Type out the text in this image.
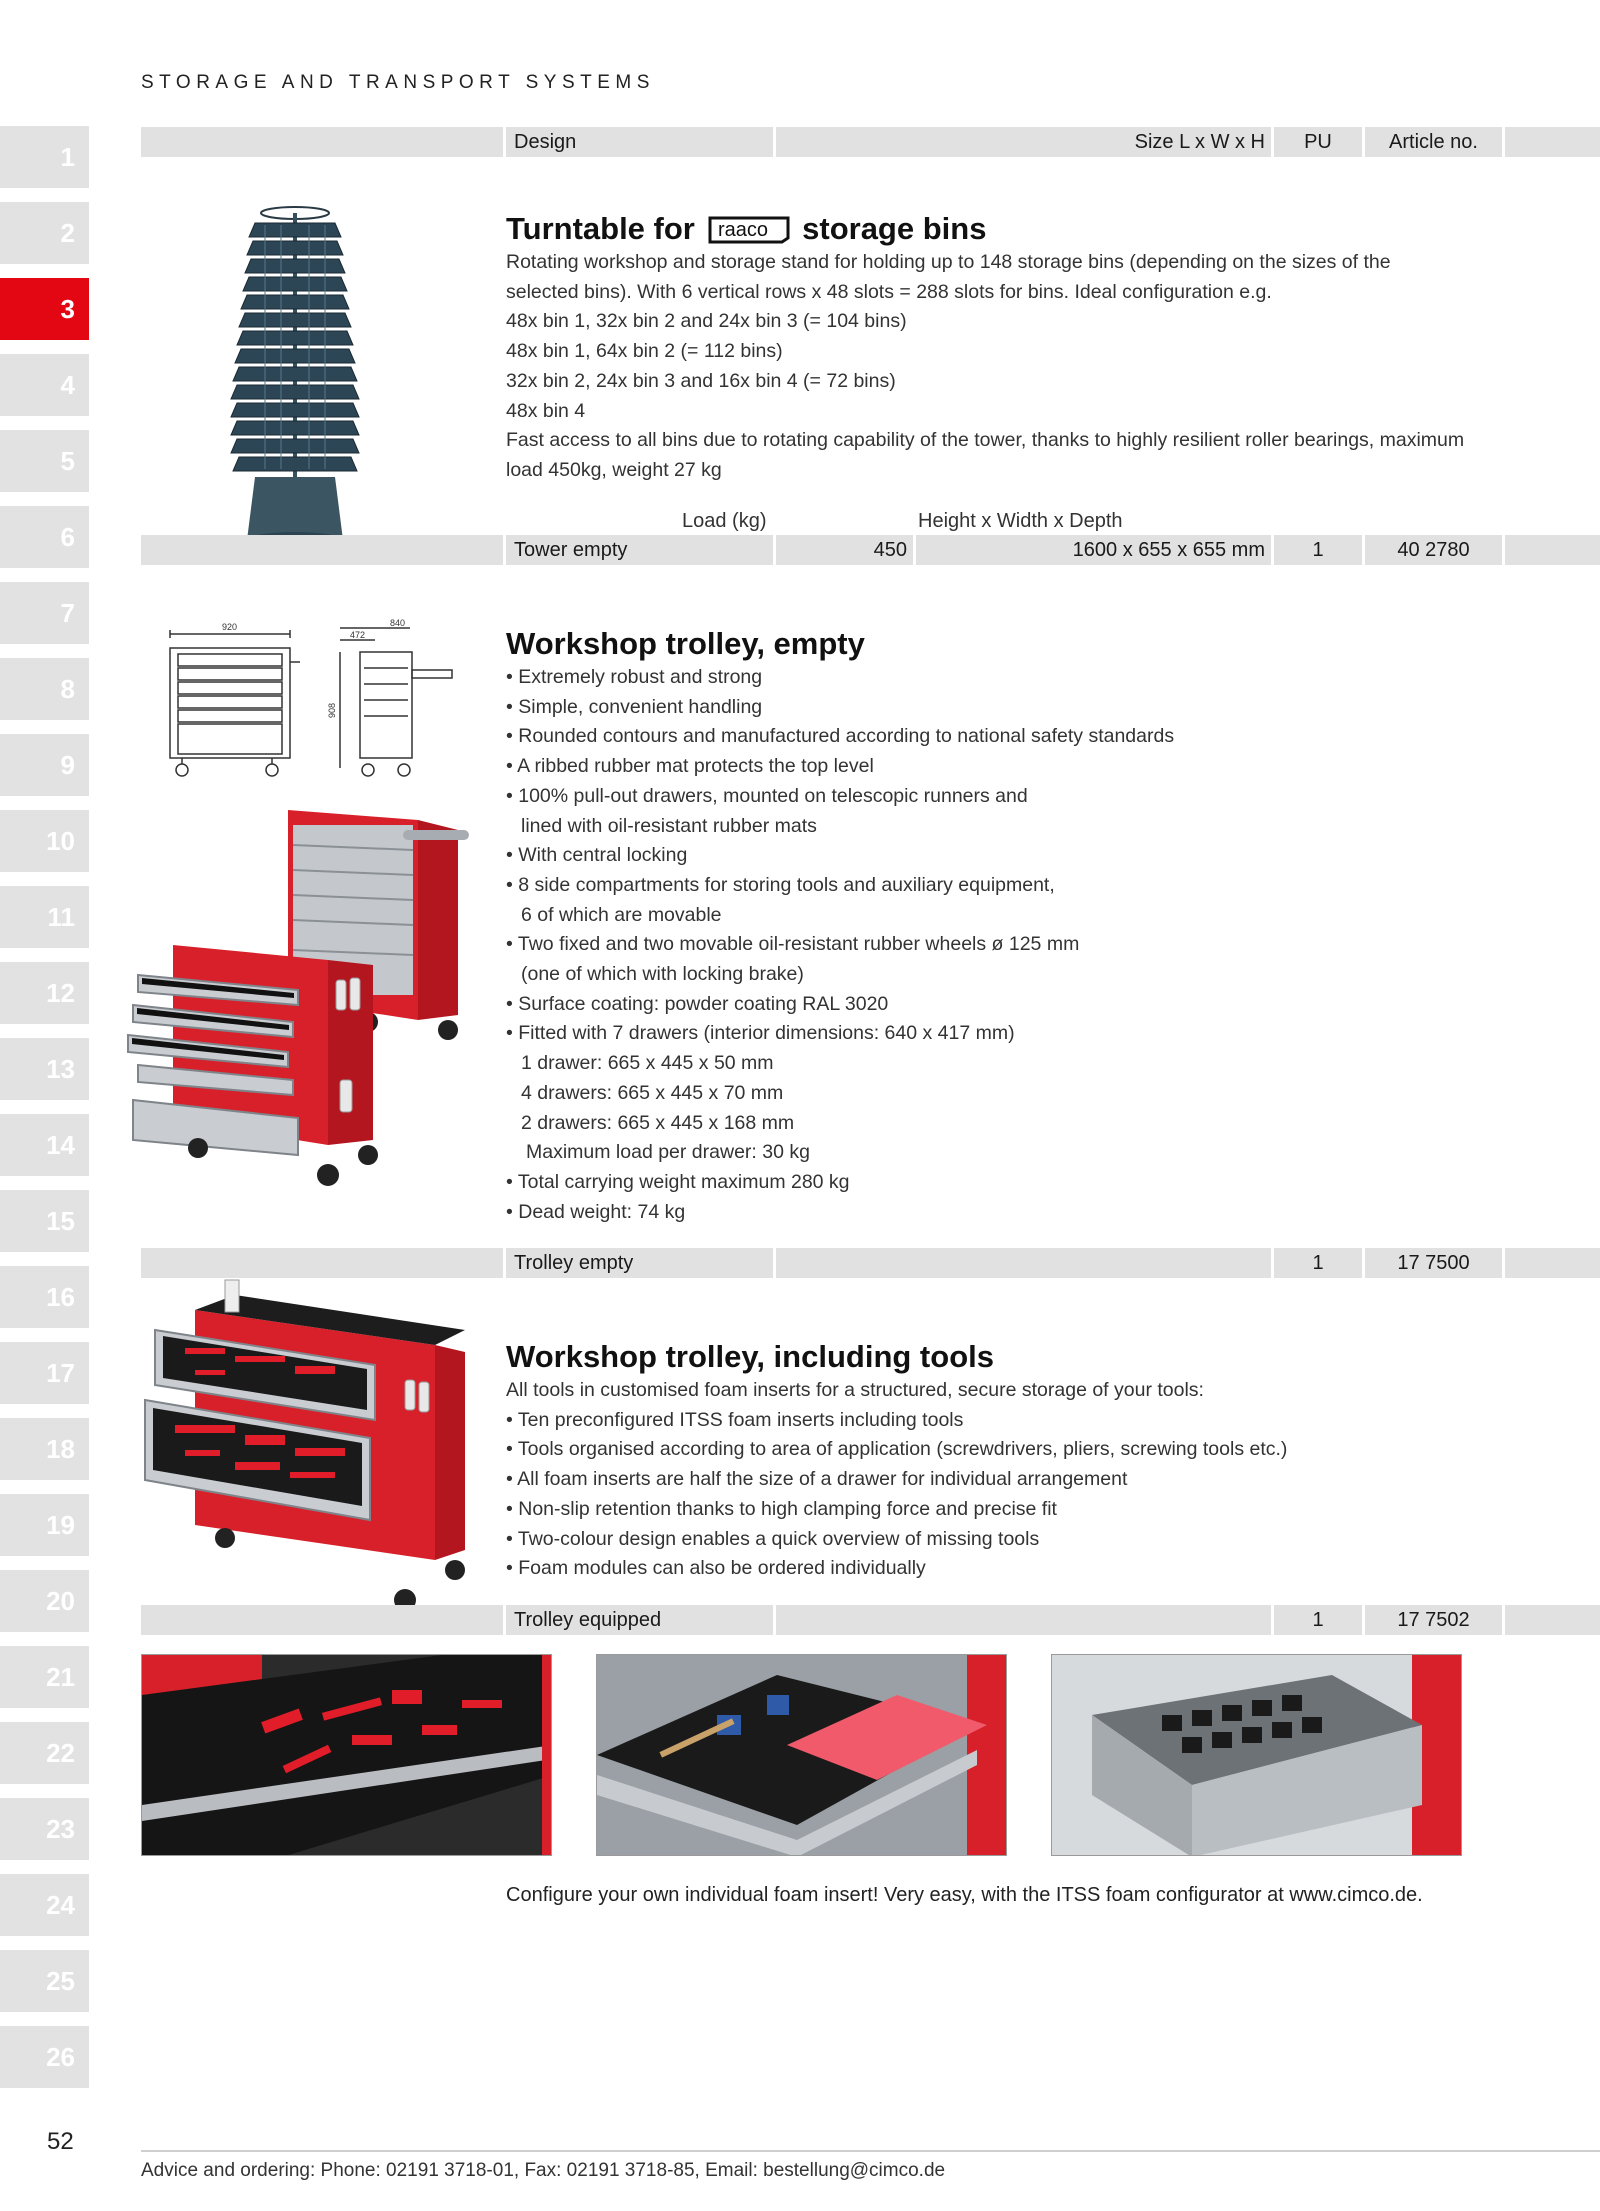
STORAGE AND TRANSPORT SYSTEMS
1
2
3
4
5
6
7
8
9
10
11
12
13
14
15
16
17
18
19
20
21
22
23
24
25
26
Design	Size L x W x H	PU	Article no.
Turntable for raaco storage bins
Rotating workshop and storage stand for holding up to 148 storage bins (depending on the sizes of the
selected bins). With 6 vertical rows x 48 slots = 288 slots for bins. Ideal configuration e.g.
48x bin 1, 32x bin 2 and 24x bin 3 (= 104 bins)
48x bin 1, 64x bin 2 (= 112 bins)
32x bin 2, 24x bin 3 and 16x bin 4 (= 72 bins)
48x bin 4
Fast access to all bins due to rotating capability of the tower, thanks to highly resilient roller bearings, maximum
load 450kg, weight 27 kg
Load (kg)	Height x Width x Depth
Tower empty	450	1600 x 655 x 655 mm	1	40 2780
920	840
472
908
Workshop trolley, empty
• Extremely robust and strong
• Simple, convenient handling
• Rounded contours and manufactured according to national safety standards
• A ribbed rubber mat protects the top level
• 100% pull-out drawers, mounted on telescopic runners and
lined with oil-resistant rubber mats
• With central locking
• 8 side compartments for storing tools and auxiliary equipment,
6 of which are movable
• Two fixed and two movable oil-resistant rubber wheels ø 125 mm
(one of which with locking brake)
• Surface coating: powder coating RAL 3020
• Fitted with 7 drawers (interior dimensions: 640 x 417 mm)
1 drawer: 665 x 445 x 50 mm
4 drawers: 665 x 445 x 70 mm
2 drawers: 665 x 445 x 168 mm
Maximum load per drawer: 30 kg
• Total carrying weight maximum 280 kg
• Dead weight: 74 kg
Trolley empty	1	17 7500
Workshop trolley, including tools
All tools in customised foam inserts for a structured, secure storage of your tools:
• Ten preconfigured ITSS foam inserts including tools
• Tools organised according to area of application (screwdrivers, pliers, screwing tools etc.)
• All foam inserts are half the size of a drawer for individual arrangement
• Non-slip retention thanks to high clamping force and precise fit
• Two-colour design enables a quick overview of missing tools
• Foam modules can also be ordered individually
Trolley equipped	1	17 7502
Configure your own individual foam insert! Very easy, with the ITSS foam configurator at www.cimco.de.
52
Advice and ordering: Phone: 02191 3718-01, Fax: 02191 3718-85, Email: bestellung@cimco.de
